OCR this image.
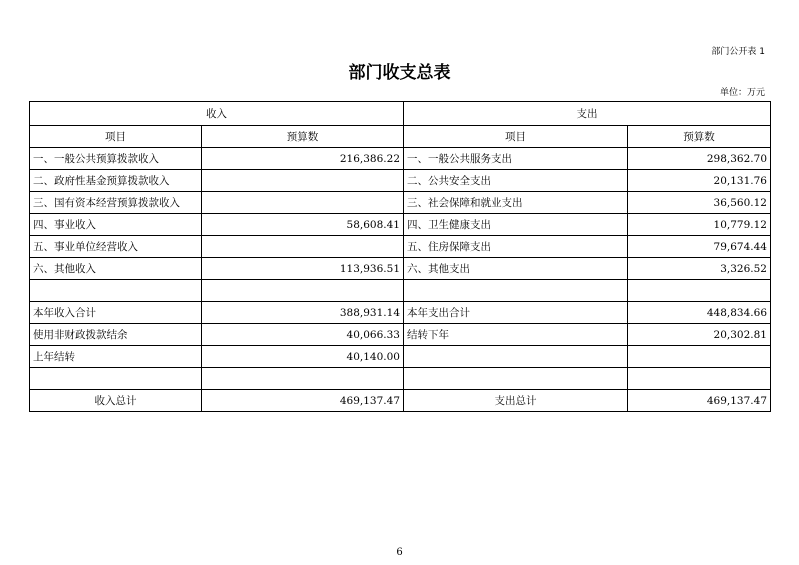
部门公开表 1
部门收支总表
单位：万元
收入		支出	
项目	预算数	项目	预算数
一、一般公共预算拨款收入	216,386.22	一、一般公共服务支出	298,362.70
二、政府性基金预算拨款收入		二、公共安全支出	20,131.76
三、国有资本经营预算拨款收入		三、社会保障和就业支出	36,560.12
四、事业收入	58,608.41	四、卫生健康支出	10,779.12
五、事业单位经营收入		五、住房保障支出	79,674.44
六、其他收入	113,936.51	六、其他支出	3,326.52

本年收入合计	388,931.14	本年支出合计	448,834.66
使用非财政拨款结余	40,066.33	结转下年	20,302.81
上年结转	40,140.00		

收入总计	469,137.47	支出总计	469,137.47
6
